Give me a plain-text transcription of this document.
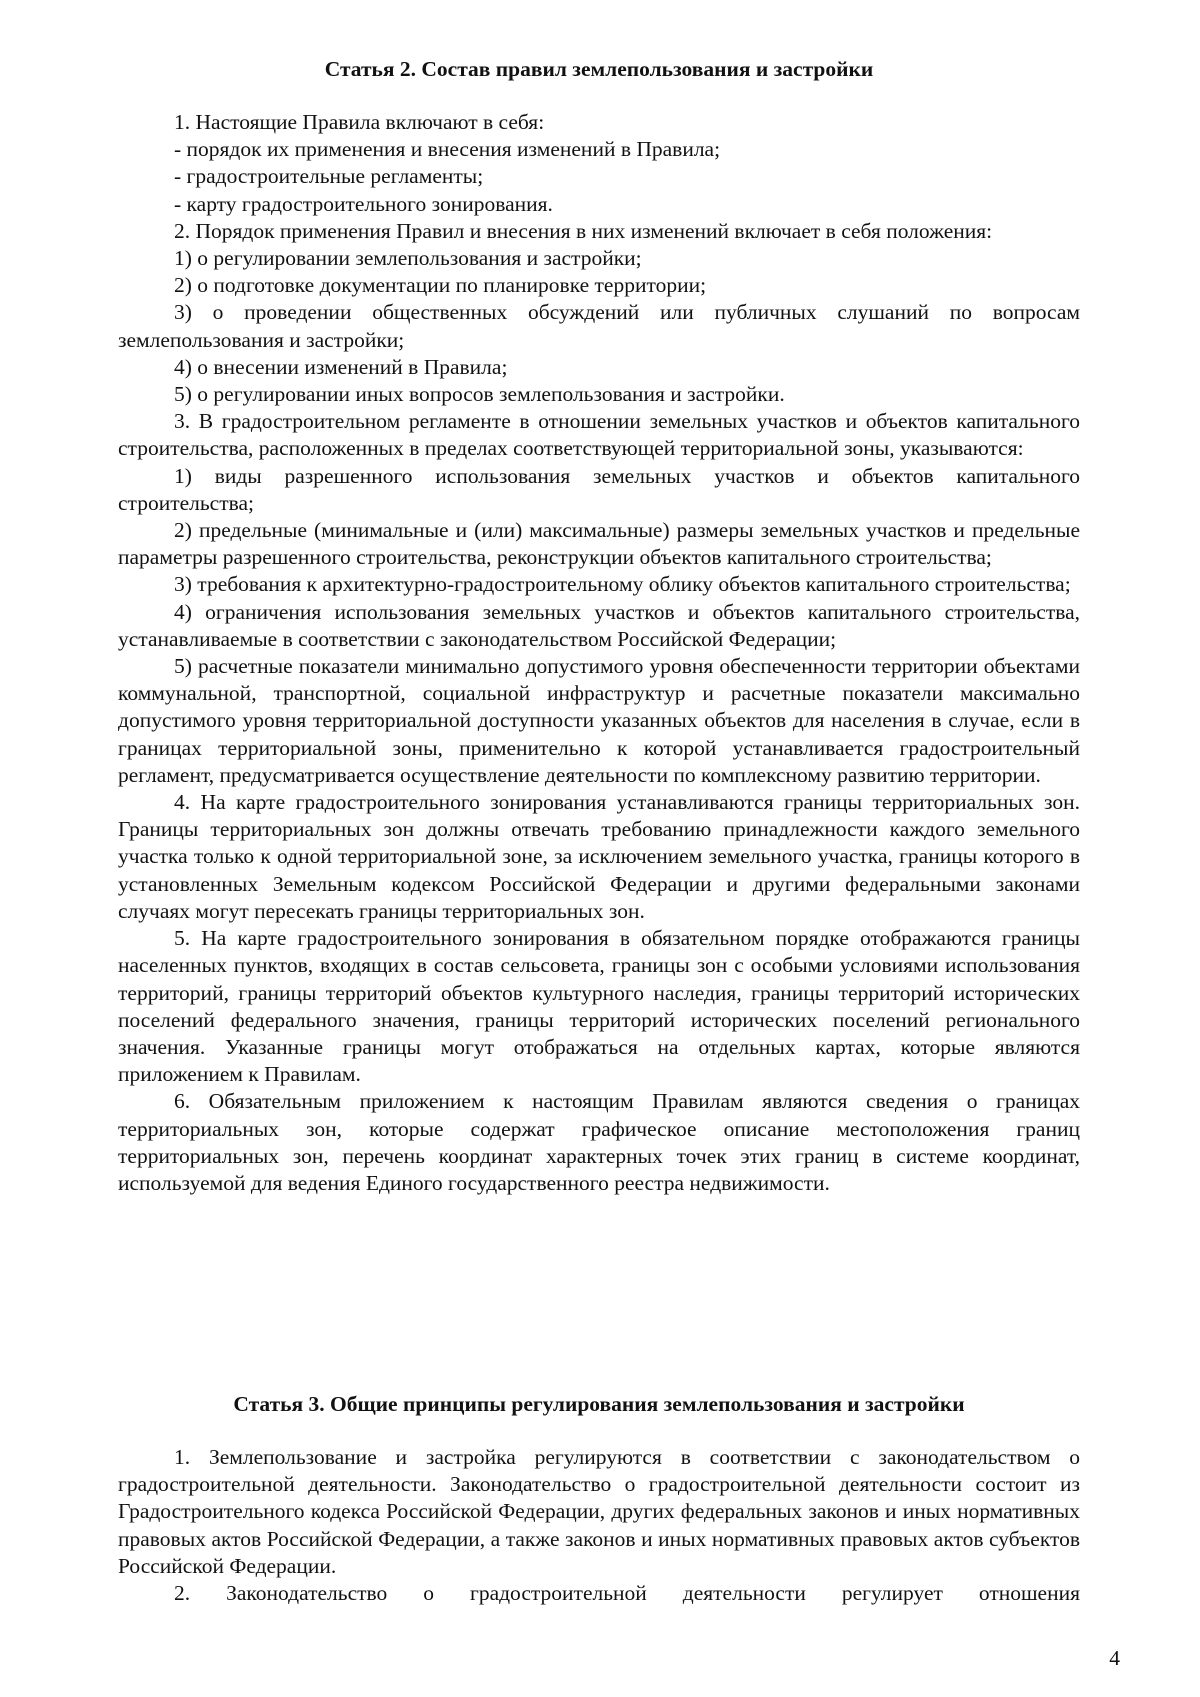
Статья 2. Состав правил землепользования и застройки

1. Настоящие Правила включают в себя:

- порядок их применения и внесения изменений в Правила;

- градостроительные регламенты;

- карту градостроительного зонирования.

2. Порядок применения Правил и внесения в них изменений включает в себя положения:

1) о регулировании землепользования и застройки;

2) о подготовке документации по планировке территории;

3) о проведении общественных обсуждений или публичных слушаний по вопросам землепользования и застройки;

4) о внесении изменений в Правила;

5) о регулировании иных вопросов землепользования и застройки.

3. В градостроительном регламенте в отношении земельных участков и объектов капитального строительства, расположенных в пределах соответствующей территориальной зоны, указываются:

1) виды разрешенного использования земельных участков и объектов капитального строительства;

2) предельные (минимальные и (или) максимальные) размеры земельных участков и предельные параметры разрешенного строительства, реконструкции объектов капитального строительства;

3) требования к архитектурно-градостроительному облику объектов капитального строительства;

4) ограничения использования земельных участков и объектов капитального строительства, устанавливаемые в соответствии с законодательством Российской Федерации;

5) расчетные показатели минимально допустимого уровня обеспеченности территории объектами коммунальной, транспортной, социальной инфраструктур и расчетные показатели максимально допустимого уровня территориальной доступности указанных объектов для населения в случае, если в границах территориальной зоны, применительно к которой устанавливается градостроительный регламент, предусматривается осуществление деятельности по комплексному развитию территории.

4. На карте градостроительного зонирования устанавливаются границы территориальных зон. Границы территориальных зон должны отвечать требованию принадлежности каждого земельного участка только к одной территориальной зоне, за исключением земельного участка, границы которого в установленных Земельным кодексом Российской Федерации и другими федеральными законами случаях могут пересекать границы территориальных зон.

5. На карте градостроительного зонирования в обязательном порядке отображаются границы населенных пунктов, входящих в состав сельсовета, границы зон с особыми условиями использования территорий, границы территорий объектов культурного наследия, границы территорий исторических поселений федерального значения, границы территорий исторических поселений регионального значения. Указанные границы могут отображаться на отдельных картах, которые являются приложением к Правилам.

6. Обязательным приложением к настоящим Правилам являются сведения о границах территориальных зон, которые содержат графическое описание местоположения границ территориальных зон, перечень координат характерных точек этих границ в системе координат, используемой для ведения Единого государственного реестра недвижимости.

Статья 3. Общие принципы регулирования землепользования и застройки

1. Землепользование и застройка регулируются в соответствии с законодательством о градостроительной деятельности. Законодательство о градостроительной деятельности состоит из Градостроительного кодекса Российской Федерации, других федеральных законов и иных нормативных правовых актов Российской Федерации, а также законов и иных нормативных правовых актов субъектов Российской Федерации.

2. Законодательство о градостроительной деятельности регулирует отношения

4
